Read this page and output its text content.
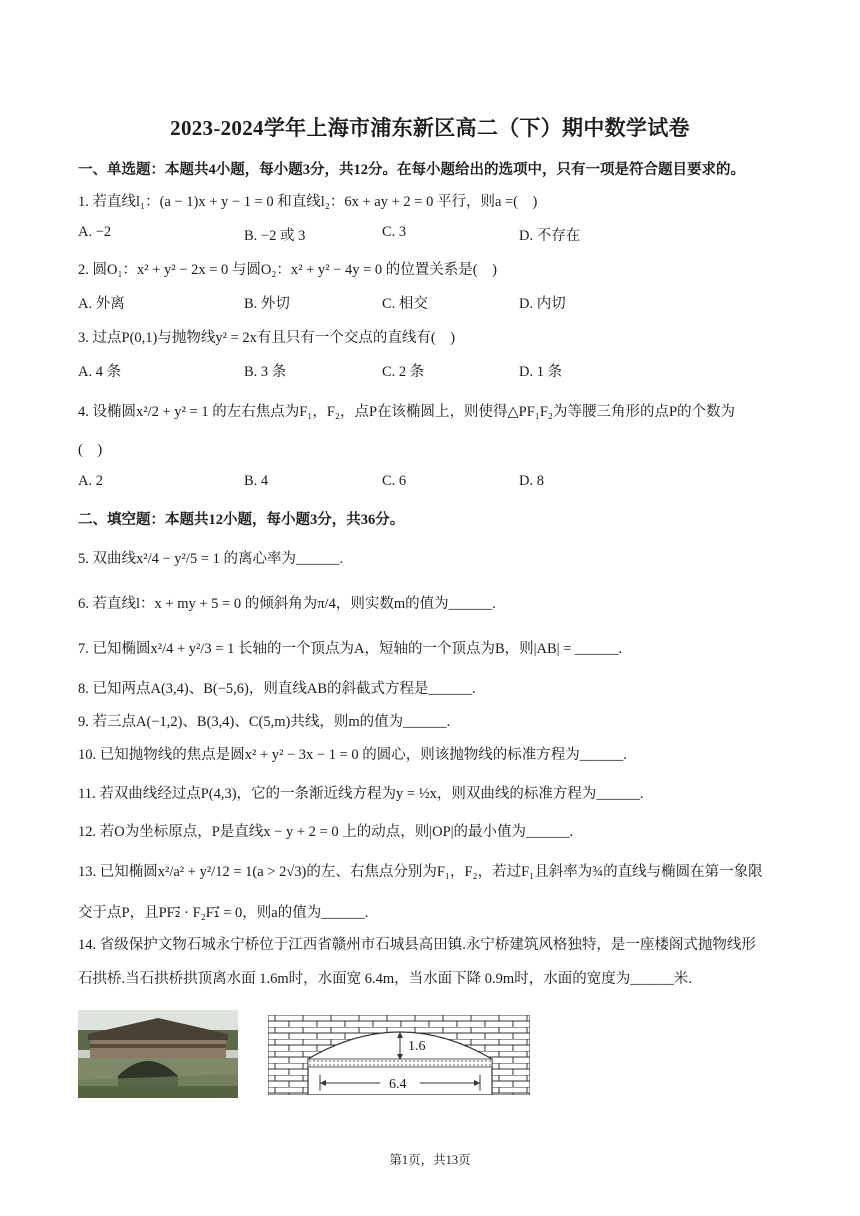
2023-2024学年上海市浦东新区高二（下）期中数学试卷
一、单选题：本题共4小题，每小题3分，共12分。在每小题给出的选项中，只有一项是符合题目要求的。
1. 若直线l₁：(a − 1)x + y − 1 = 0 和直线l₂：6x + ay + 2 = 0 平行，则a =(　)
A. −2	B. −2 或 3	C. 3	D. 不存在
2. 圆O₁：x² + y² − 2x = 0 与圆O₂：x² + y² − 4y = 0 的位置关系是(　)
A. 外离	B. 外切	C. 相交	D. 内切
3. 过点P(0,1)与抛物线y² = 2x有且只有一个交点的直线有(　)
A. 4 条	B. 3 条	C. 2 条	D. 1 条
4. 设椭圆x²/2 + y² = 1 的左右焦点为F₁，F₂，点P在该椭圆上，则使得△PF₁F₂为等腰三角形的点P的个数为
(　)
A. 2	B. 4	C. 6	D. 8
二、填空题：本题共12小题，每小题3分，共36分。
5. 双曲线x²/4 − y²/5 = 1 的离心率为______.
6. 若直线l：x + my + 5 = 0 的倾斜角为π/4，则实数m的值为______.
7. 已知椭圆x²/4 + y²/3 = 1 长轴的一个顶点为A，短轴的一个顶点为B，则|AB| = ______.
8. 已知两点A(3,4)、B(−5,6)，则直线AB的斜截式方程是______.
9. 若三点A(−1,2)、B(3,4)、C(5,m)共线，则m的值为______.
10. 已知抛物线的焦点是圆x² + y² − 3x − 1 = 0 的圆心，则该抛物线的标准方程为______.
11. 若双曲线经过点P(4,3)，它的一条渐近线方程为y = ½x，则双曲线的标准方程为______.
12. 若O为坐标原点，P是直线x − y + 2 = 0 上的动点，则|OP|的最小值为______.
13. 已知椭圆x²/a² + y²/12 = 1(a > 2√3)的左、右焦点分别为F₁，F₂，若过F₁且斜率为¾的直线与椭圆在第一象限
交于点P，且PF₂⃗ · F₂F₁⃗ = 0，则a的值为______.
14. 省级保护文物石城永宁桥位于江西省赣州市石城县高田镇.永宁桥建筑风格独特，是一座楼阁式抛物线形
石拱桥.当石拱桥拱顶离水面 1.6m时，水面宽 6.4m，当水面下降 0.9m时，水面的宽度为______米.
1.6
6.4
第1页，共13页
